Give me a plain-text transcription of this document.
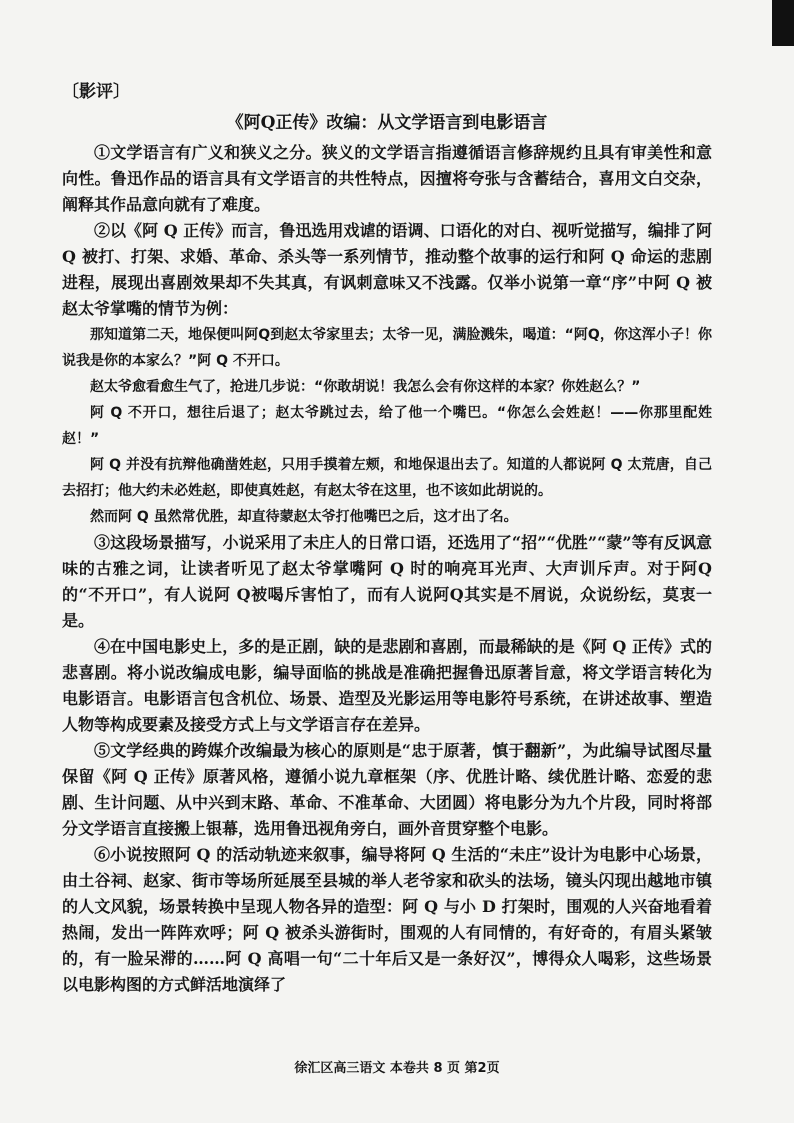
〔影评〕
《阿Q正传》改编：从文学语言到电影语言

①文学语言有广义和狭义之分。狭义的文学语言指遵循语言修辞规约且具有审美性和意向性。鲁迅作品的语言具有文学语言的共性特点，因擅将夸张与含蓄结合，喜用文白交杂，阐释其作品意向就有了难度。

②以《阿 Q 正传》而言，鲁迅选用戏谑的语调、口语化的对白、视听觉描写，编排了阿 Q 被打、打架、求婚、革命、杀头等一系列情节，推动整个故事的运行和阿 Q 命运的悲剧进程，展现出喜剧效果却不失其真，有讽刺意味又不浅露。仅举小说第一章“序”中阿 Q 被赵太爷掌嘴的情节为例：

那知道第二天，地保便叫阿Q到赵太爷家里去；太爷一见，满脸溅朱，喝道：“阿Q，你这浑小子！你说我是你的本家么？”阿 Q 不开口。

赵太爷愈看愈生气了，抢进几步说：“你敢胡说！我怎么会有你这样的本家？你姓赵么？”

阿 Q 不开口，想往后退了；赵太爷跳过去，给了他一个嘴巴。“你怎么会姓赵！——你那里配姓赵！”

阿 Q 并没有抗辩他确凿姓赵，只用手摸着左颊，和地保退出去了。知道的人都说阿 Q 太荒唐，自己去招打；他大约未必姓赵，即使真姓赵，有赵太爷在这里，也不该如此胡说的。

然而阿 Q 虽然常优胜，却直待蒙赵太爷打他嘴巴之后，这才出了名。

③这段场景描写，小说采用了未庄人的日常口语，还选用了“招”“优胜”“蒙”等有反讽意味的古雅之词，让读者听见了赵太爷掌嘴阿 Q 时的响亮耳光声、大声训斥声。对于阿Q的“不开口”，有人说阿 Q被喝斥害怕了，而有人说阿Q其实是不屑说，众说纷纭，莫衷一是。

④在中国电影史上，多的是正剧，缺的是悲剧和喜剧，而最稀缺的是《阿 Q 正传》式的悲喜剧。将小说改编成电影，编导面临的挑战是准确把握鲁迅原著旨意，将文学语言转化为电影语言。电影语言包含机位、场景、造型及光影运用等电影符号系统，在讲述故事、塑造人物等构成要素及接受方式上与文学语言存在差异。

⑤文学经典的跨媒介改编最为核心的原则是“忠于原著，慎于翻新”，为此编导试图尽量保留《阿 Q 正传》原著风格，遵循小说九章框架（序、优胜计略、续优胜计略、恋爱的悲剧、生计问题、从中兴到末路、革命、不准革命、大团圆）将电影分为九个片段，同时将部分文学语言直接搬上银幕，选用鲁迅视角旁白，画外音贯穿整个电影。

⑥小说按照阿 Q 的活动轨迹来叙事，编导将阿 Q 生活的“未庄”设计为电影中心场景，由土谷祠、赵家、街市等场所延展至县城的举人老爷家和砍头的法场，镜头闪现出越地市镇的人文风貌，场景转换中呈现人物各异的造型：阿 Q 与小 D 打架时，围观的人兴奋地看着热闹，发出一阵阵欢呼；阿 Q 被杀头游街时，围观的人有同情的，有好奇的，有眉头紧皱的，有一脸呆滞的……阿 Q 高唱一句“二十年后又是一条好汉”，博得众人喝彩，这些场景以电影构图的方式鲜活地演绎了

徐汇区高三语文 本卷共 8 页 第2页
